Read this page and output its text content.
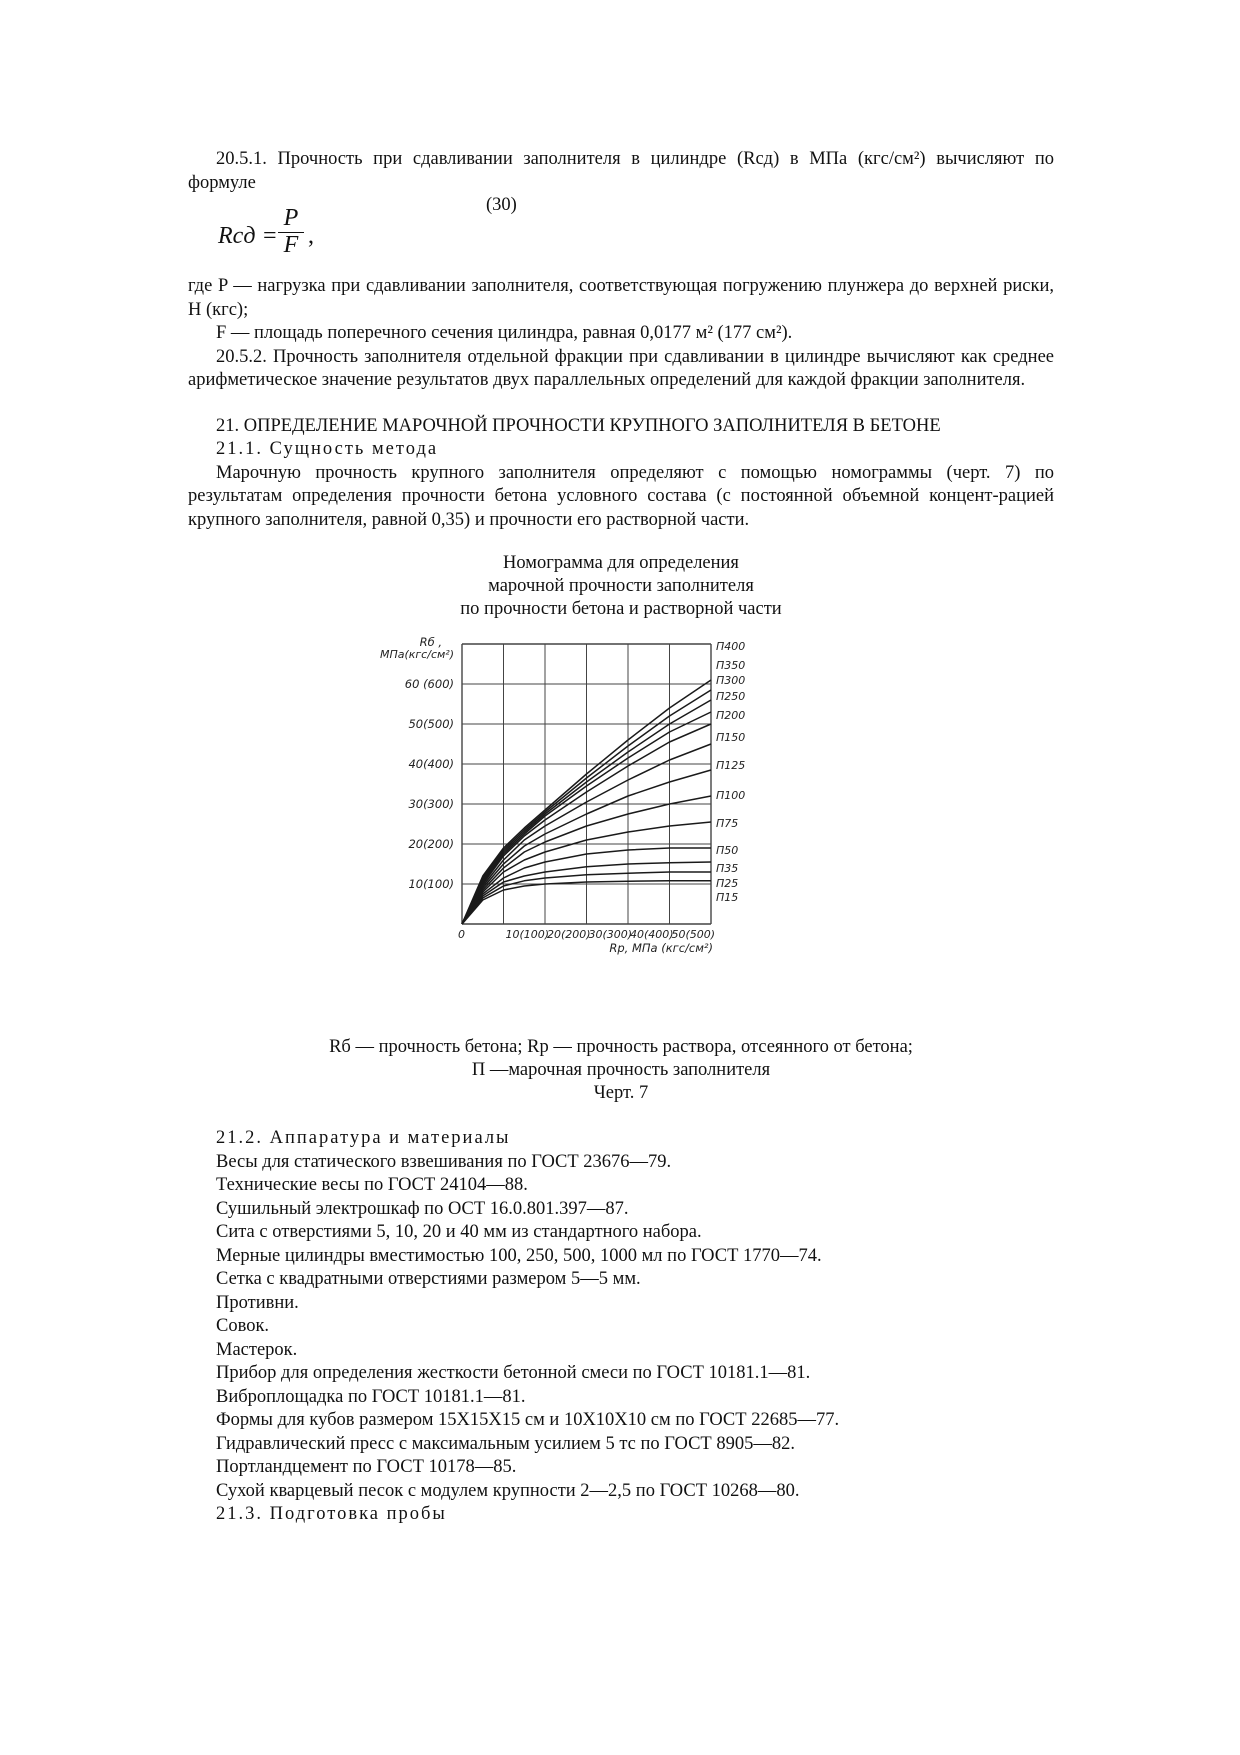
20.5.1. Прочность при сдавливании заполнителя в цилиндре (Rсд) в МПа (кгс/см²) вычисляют по формуле

(30)
Rсд =
P
F ,

где P — нагрузка при сдавливании заполнителя, соответствующая погружению плунжера до верхней риски, Н (кгс);

F — площадь поперечного сечения цилиндра, равная 0,0177 м² (177 см²).

20.5.2. Прочность заполнителя отдельной фракции при сдавливании в цилиндре вычисляют как среднее арифметическое значение результатов двух параллельных определений для каждой фракции заполнителя.

21. ОПРЕДЕЛЕНИЕ МАРОЧНОЙ ПРОЧНОСТИ КРУПНОГО ЗАПОЛНИТЕЛЯ В БЕТОНЕ

21.1. Сущность метода

Марочную прочность крупного заполнителя определяют с помощью номограммы (черт. 7) по результатам определения прочности бетона условного состава (с постоянной объемной концент-рацией крупного заполнителя, равной 0,35) и прочности его растворной части.

Номограмма для определения
марочной прочности заполнителя
по прочности бетона и растворной части
10(100)
20(200)
30(300)
40(400)
50(500)
60 (600)
0	10(100)
20(200)
30(300)
40(400)
50(500)
Rб ,
МПа(кгс/см²)
Rр, МПа (кгс/см²)
П400
П350
П300
П250
П200
П150
П125
П100
П75
П50
П35
П25
П15
Rб — прочность бетона; Rр — прочность раствора, отсеянного от бетона;
П —марочная прочность заполнителя
Черт. 7

21.2. Аппаратура и материалы

Весы для статического взвешивания по ГОСТ 23676—79.

Технические весы по ГОСТ 24104—88.

Сушильный электрошкаф по ОСТ 16.0.801.397—87.

Сита с отверстиями 5, 10, 20 и 40 мм из стандартного набора.

Мерные цилиндры вместимостью 100, 250, 500, 1000 мл по ГОСТ 1770—74.

Сетка с квадратными отверстиями размером 5—5 мм.

Противни.

Совок.

Мастерок.

Прибор для определения жесткости бетонной смеси по ГОСТ 10181.1—81.

Виброплощадка по ГОСТ 10181.1—81.

Формы для кубов размером 15Х15Х15 см и 10Х10Х10 см по ГОСТ 22685—77.

Гидравлический пресс с максимальным усилием 5 тс по ГОСТ 8905—82.

Портландцемент по ГОСТ 10178—85.

Сухой кварцевый песок с модулем крупности 2—2,5 по ГОСТ 10268—80.

21.3. Подготовка пробы
